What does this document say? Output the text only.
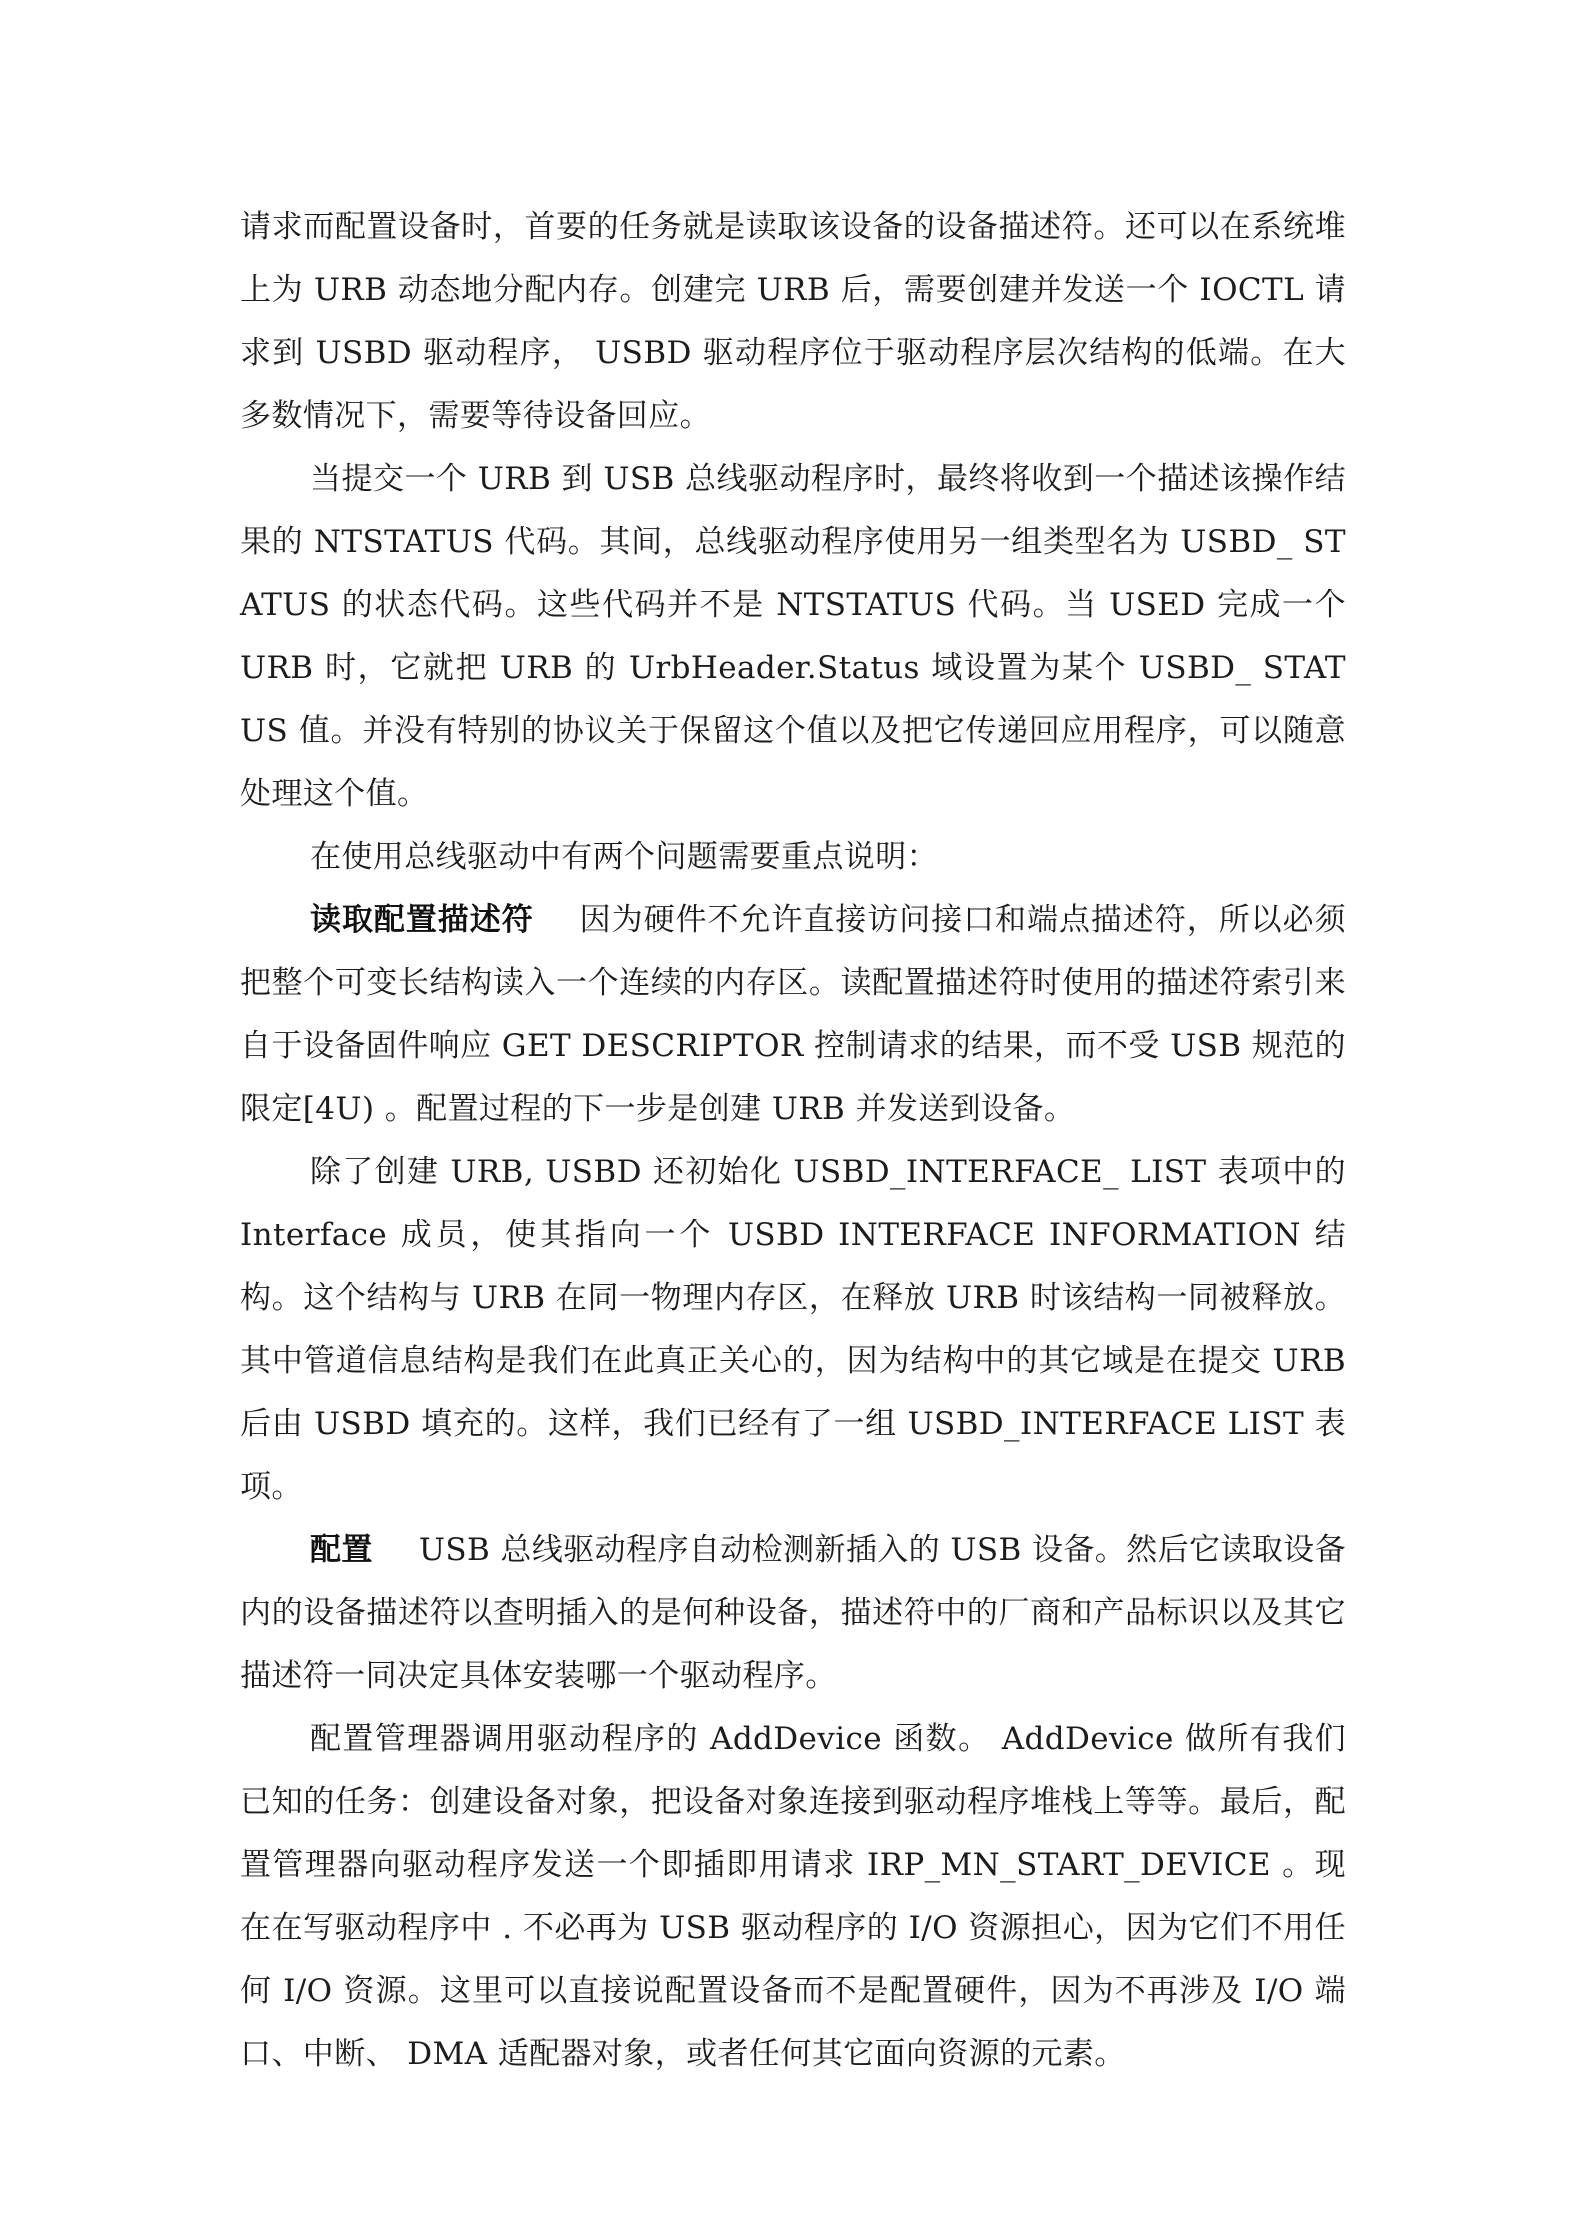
请求而配置设备时，首要的任务就是读取该设备的设备描述符。还可以在系统堆上为 URB 动态地分配内存。创建完 URB 后，需要创建并发送一个 IOCTL 请求到 USBD 驱动程序， USBD 驱动程序位于驱动程序层次结构的低端。在大多数情况下，需要等待设备回应。

当提交一个 URB 到 USB 总线驱动程序时，最终将收到一个描述该操作结果的 NTSTATUS 代码。其间，总线驱动程序使用另一组类型名为 USBD_ STATUS 的状态代码。这些代码并不是 NTSTATUS 代码。当 USED 完成一个 URB 时，它就把 URB 的 UrbHeader.Status 域设置为某个 USBD_ STATUS 值。并没有特别的协议关于保留这个值以及把它传递回应用程序，可以随意处理这个值。

在使用总线驱动中有两个问题需要重点说明：

读取配置描述符 因为硬件不允许直接访问接口和端点描述符，所以必须把整个可变长结构读入一个连续的内存区。读配置描述符时使用的描述符索引来自于设备固件响应 GET DESCRIPTOR 控制请求的结果，而不受 USB 规范的限定[4U) 。配置过程的下一步是创建 URB 并发送到设备。

除了创建 URB, USBD 还初始化 USBD_INTERFACE_ LIST 表项中的 Interface 成员，使其指向一个 USBD INTERFACE INFORMATION 结构。这个结构与 URB 在同一物理内存区，在释放 URB 时该结构一同被释放。其中管道信息结构是我们在此真正关心的，因为结构中的其它域是在提交 URB 后由 USBD 填充的。这样，我们已经有了一组 USBD_INTERFACE LIST 表项。

配置 USB 总线驱动程序自动检测新插入的 USB 设备。然后它读取设备内的设备描述符以查明插入的是何种设备，描述符中的厂商和产品标识以及其它描述符一同决定具体安装哪一个驱动程序。

配置管理器调用驱动程序的 AddDevice 函数。 AddDevice 做所有我们已知的任务：创建设备对象，把设备对象连接到驱动程序堆栈上等等。最后，配置管理器向驱动程序发送一个即插即用请求 IRP_MN_START_DEVICE 。现在在写驱动程序中 . 不必再为 USB 驱动程序的 I/O 资源担心，因为它们不用任何 I/O 资源。这里可以直接说配置设备而不是配置硬件，因为不再涉及 I/O 端口、中断、 DMA 适配器对象，或者任何其它面向资源的元素。
